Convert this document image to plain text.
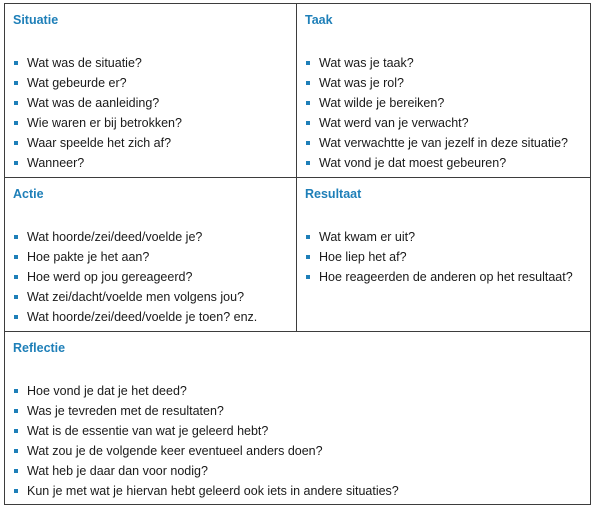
Situatie
Wat was de situatie?
Wat gebeurde er?
Wat was de aanleiding?
Wie waren er bij betrokken?
Waar speelde het zich af?
Wanneer?
Taak
Wat was je taak?
Wat was je rol?
Wat wilde je bereiken?
Wat werd van je verwacht?
Wat verwachtte je van jezelf in deze situatie?
Wat vond je dat moest gebeuren?
Actie
Wat hoorde/zei/deed/voelde je?
Hoe pakte je het aan?
Hoe werd op jou gereageerd?
Wat zei/dacht/voelde men volgens jou?
Wat hoorde/zei/deed/voelde je toen? enz.
Resultaat
Wat kwam er uit?
Hoe liep het af?
Hoe reageerden de anderen op het resultaat?
Reflectie
Hoe vond je dat je het deed?
Was je tevreden met de resultaten?
Wat is de essentie van wat je geleerd hebt?
Wat zou je de volgende keer eventueel anders doen?
Wat heb je daar dan voor nodig?
Kun je met wat je hiervan hebt geleerd ook iets in andere situaties?
